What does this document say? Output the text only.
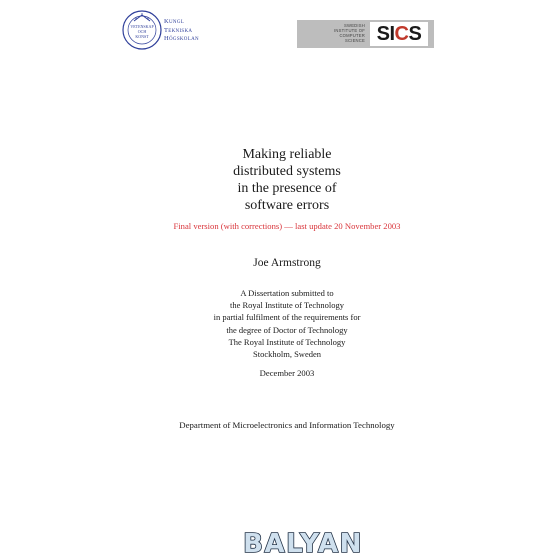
VETENSKAP
OCH
KONST
Kungl
Tekniska
Högskolan
SWEDISH
INSTITUTE OF
COMPUTER
SCIENCE SICS
Making reliable
distributed systems
in the presence of
software errors
Final version (with corrections) — last update 20 November 2003
Joe Armstrong
A Dissertation submitted to
the Royal Institute of Technology
in partial fulfilment of the requirements for
the degree of Doctor of Technology
The Royal Institute of Technology
Stockholm, Sweden
December 2003
Department of Microelectronics and Information Technology
BALYAN
